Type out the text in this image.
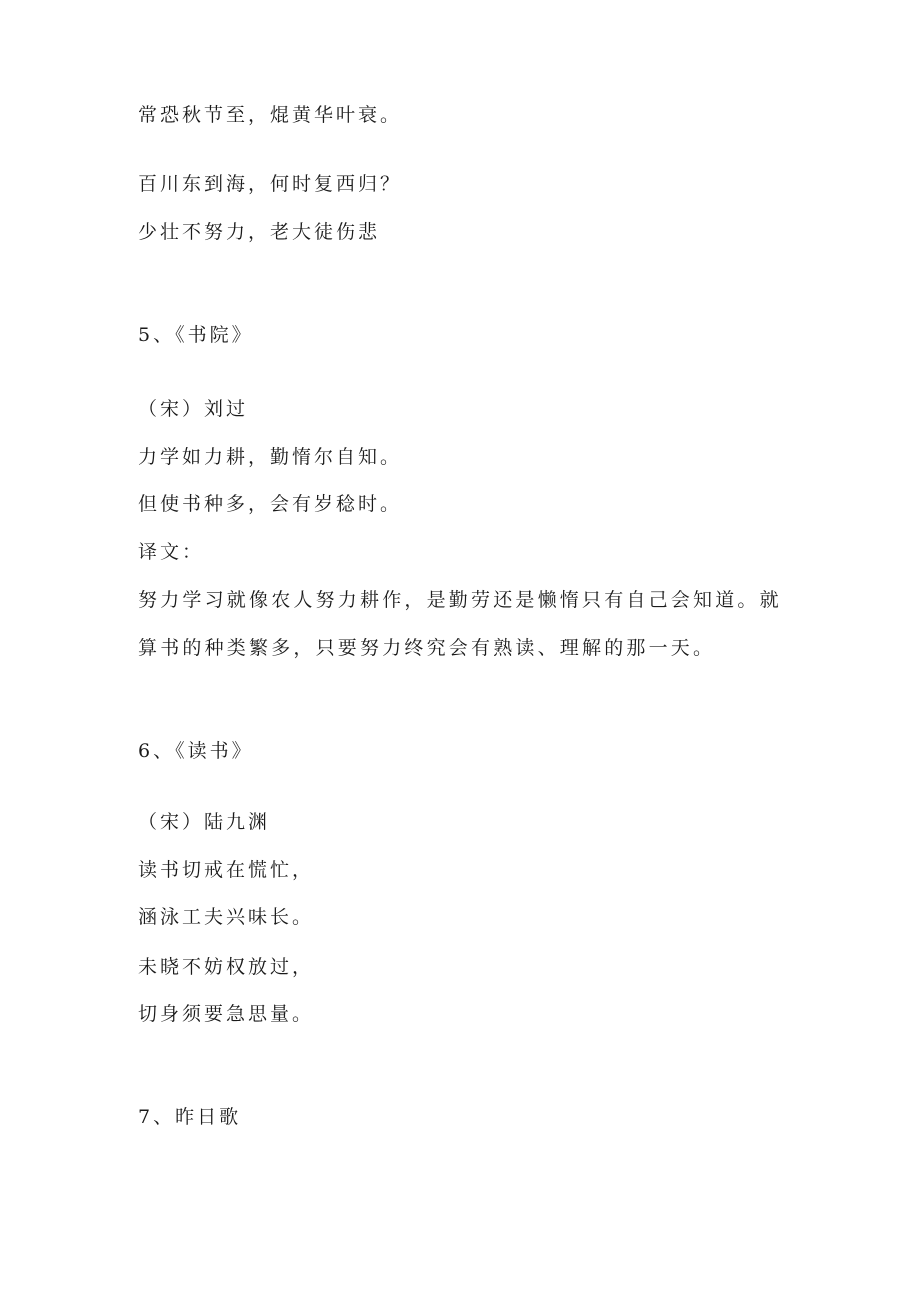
常恐秋节至，焜黄华叶衰。
百川东到海，何时复西归？
少壮不努力，老大徒伤悲
5、《书院》
（宋）刘过
力学如力耕，勤惰尔自知。
但使书种多，会有岁稔时。
译文：
努力学习就像农人努力耕作，是勤劳还是懒惰只有自己会知道。就算书的种类繁多，只要努力终究会有熟读、理解的那一天。
6、《读书》
（宋）陆九渊
读书切戒在慌忙，
涵泳工夫兴味长。
未晓不妨权放过，
切身须要急思量。
7、昨日歌
